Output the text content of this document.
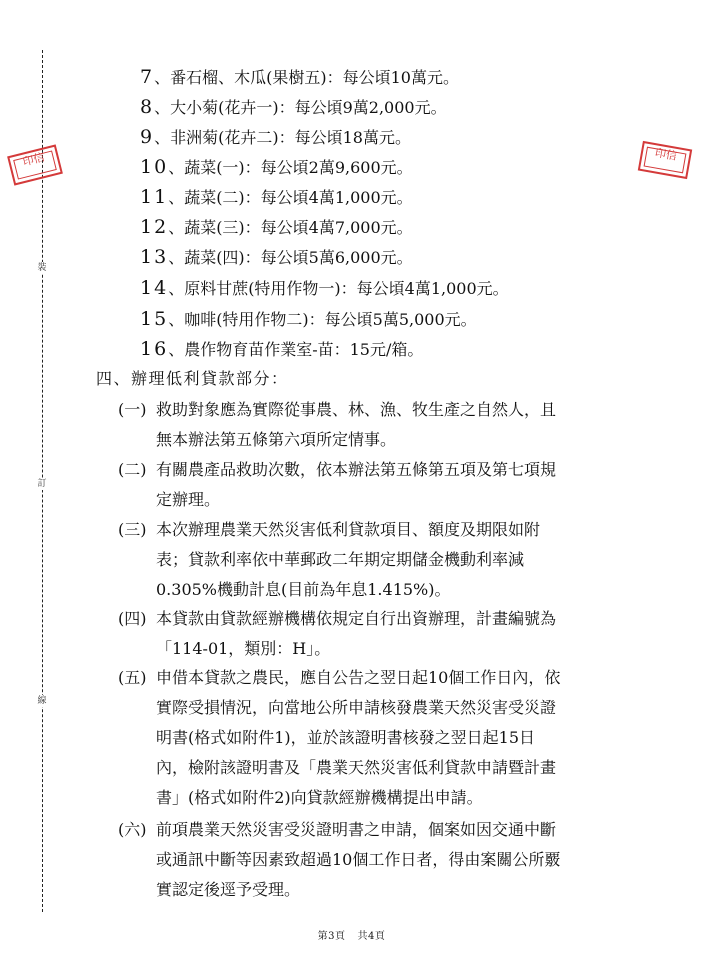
裝
訂
線
印信	印信
7、番石榴、木瓜(果樹五)：每公頃10萬元。
8、大小菊(花卉一)：每公頃9萬2,000元。
9、非洲菊(花卉二)：每公頃18萬元。
10、蔬菜(一)：每公頃2萬9,600元。
11、蔬菜(二)：每公頃4萬1,000元。
12、蔬菜(三)：每公頃4萬7,000元。
13、蔬菜(四)：每公頃5萬6,000元。
14、原料甘蔗(特用作物一)：每公頃4萬1,000元。
15、咖啡(特用作物二)：每公頃5萬5,000元。
16、農作物育苗作業室-苗：15元/箱。
四、辦理低利貸款部分：
(一) 救助對象應為實際從事農、林、漁、牧生產之自然人，且
無本辦法第五條第六項所定情事。
(二) 有關農產品救助次數，依本辦法第五條第五項及第七項規
定辦理。
(三) 本次辦理農業天然災害低利貸款項目、額度及期限如附
表；貸款利率依中華郵政二年期定期儲金機動利率減
0.305%機動計息(目前為年息1.415%)。
(四) 本貸款由貸款經辦機構依規定自行出資辦理，計畫編號為
「114-01，類別：H」。
(五) 申借本貸款之農民，應自公告之翌日起10個工作日內，依
實際受損情況，向當地公所申請核發農業天然災害受災證
明書(格式如附件1)，並於該證明書核發之翌日起15日
內，檢附該證明書及「農業天然災害低利貸款申請暨計畫
書」(格式如附件2)向貸款經辦機構提出申請。
(六) 前項農業天然災害受災證明書之申請，個案如因交通中斷
或通訊中斷等因素致超過10個工作日者，得由案關公所覈
實認定後逕予受理。
第3頁 共4頁
